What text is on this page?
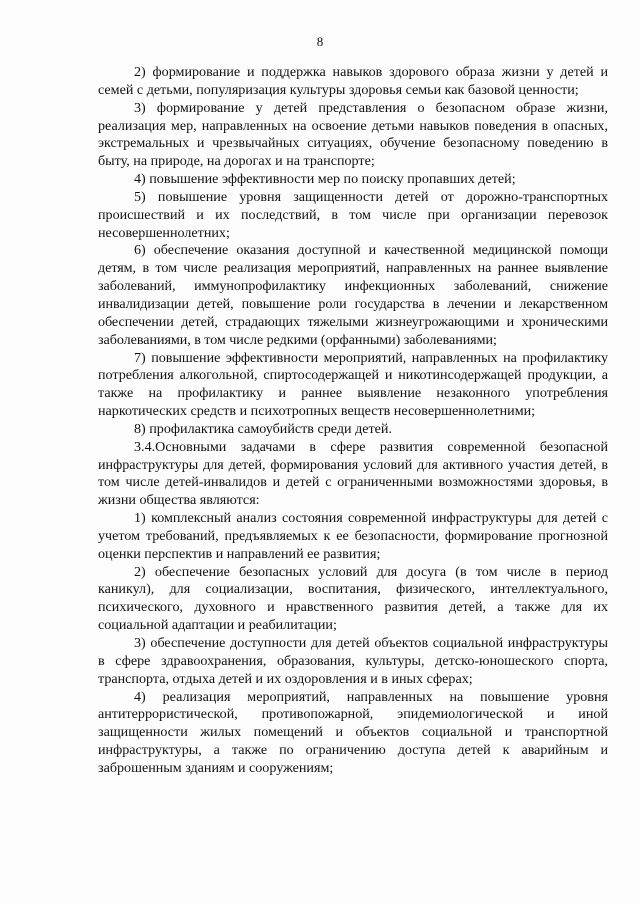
8

2) формирование и поддержка навыков здорового образа жизни у детей и семей с детьми, популяризация культуры здоровья семьи как базовой ценности;

3) формирование у детей представления о безопасном образе жизни, реализация мер, направленных на освоение детьми навыков поведения в опасных, экстремальных и чрезвычайных ситуациях, обучение безопасному поведению в быту, на природе, на дорогах и на транспорте;

4) повышение эффективности мер по поиску пропавших детей;

5) повышение уровня защищенности детей от дорожно-транспортных происшествий и их последствий, в том числе при организации перевозок несовершеннолетних;

6) обеспечение оказания доступной и качественной медицинской помощи детям, в том числе реализация мероприятий, направленных на раннее выявление заболеваний, иммунопрофилактику инфекционных заболеваний, снижение инвалидизации детей, повышение роли государства в лечении и лекарственном обеспечении детей, страдающих тяжелыми жизнеугрожающими и хроническими заболеваниями, в том числе редкими (орфанными) заболеваниями;

7) повышение эффективности мероприятий, направленных на профилактику потребления алкогольной, спиртосодержащей и никотинсодержащей продукции, а также на профилактику и раннее выявление незаконного употребления наркотических средств и психотропных веществ несовершеннолетними;

8) профилактика самоубийств среди детей.

3.4.Основными задачами в сфере развития современной безопасной инфраструктуры для детей, формирования условий для активного участия детей, в том числе детей-инвалидов и детей с ограниченными возможностями здоровья, в жизни общества являются:

1) комплексный анализ состояния современной инфраструктуры для детей с учетом требований, предъявляемых к ее безопасности, формирование прогнозной оценки перспектив и направлений ее развития;

2) обеспечение безопасных условий для досуга (в том числе в период каникул), для социализации, воспитания, физического, интеллектуального, психического, духовного и нравственного развития детей, а также для их социальной адаптации и реабилитации;

3) обеспечение доступности для детей объектов социальной инфраструктуры в сфере здравоохранения, образования, культуры, детско-юношеского спорта, транспорта, отдыха детей и их оздоровления и в иных сферах;

4) реализация мероприятий, направленных на повышение уровня антитеррористической, противопожарной, эпидемиологической и иной защищенности жилых помещений и объектов социальной и транспортной инфраструктуры, а также по ограничению доступа детей к аварийным и заброшенным зданиям и сооружениям;
